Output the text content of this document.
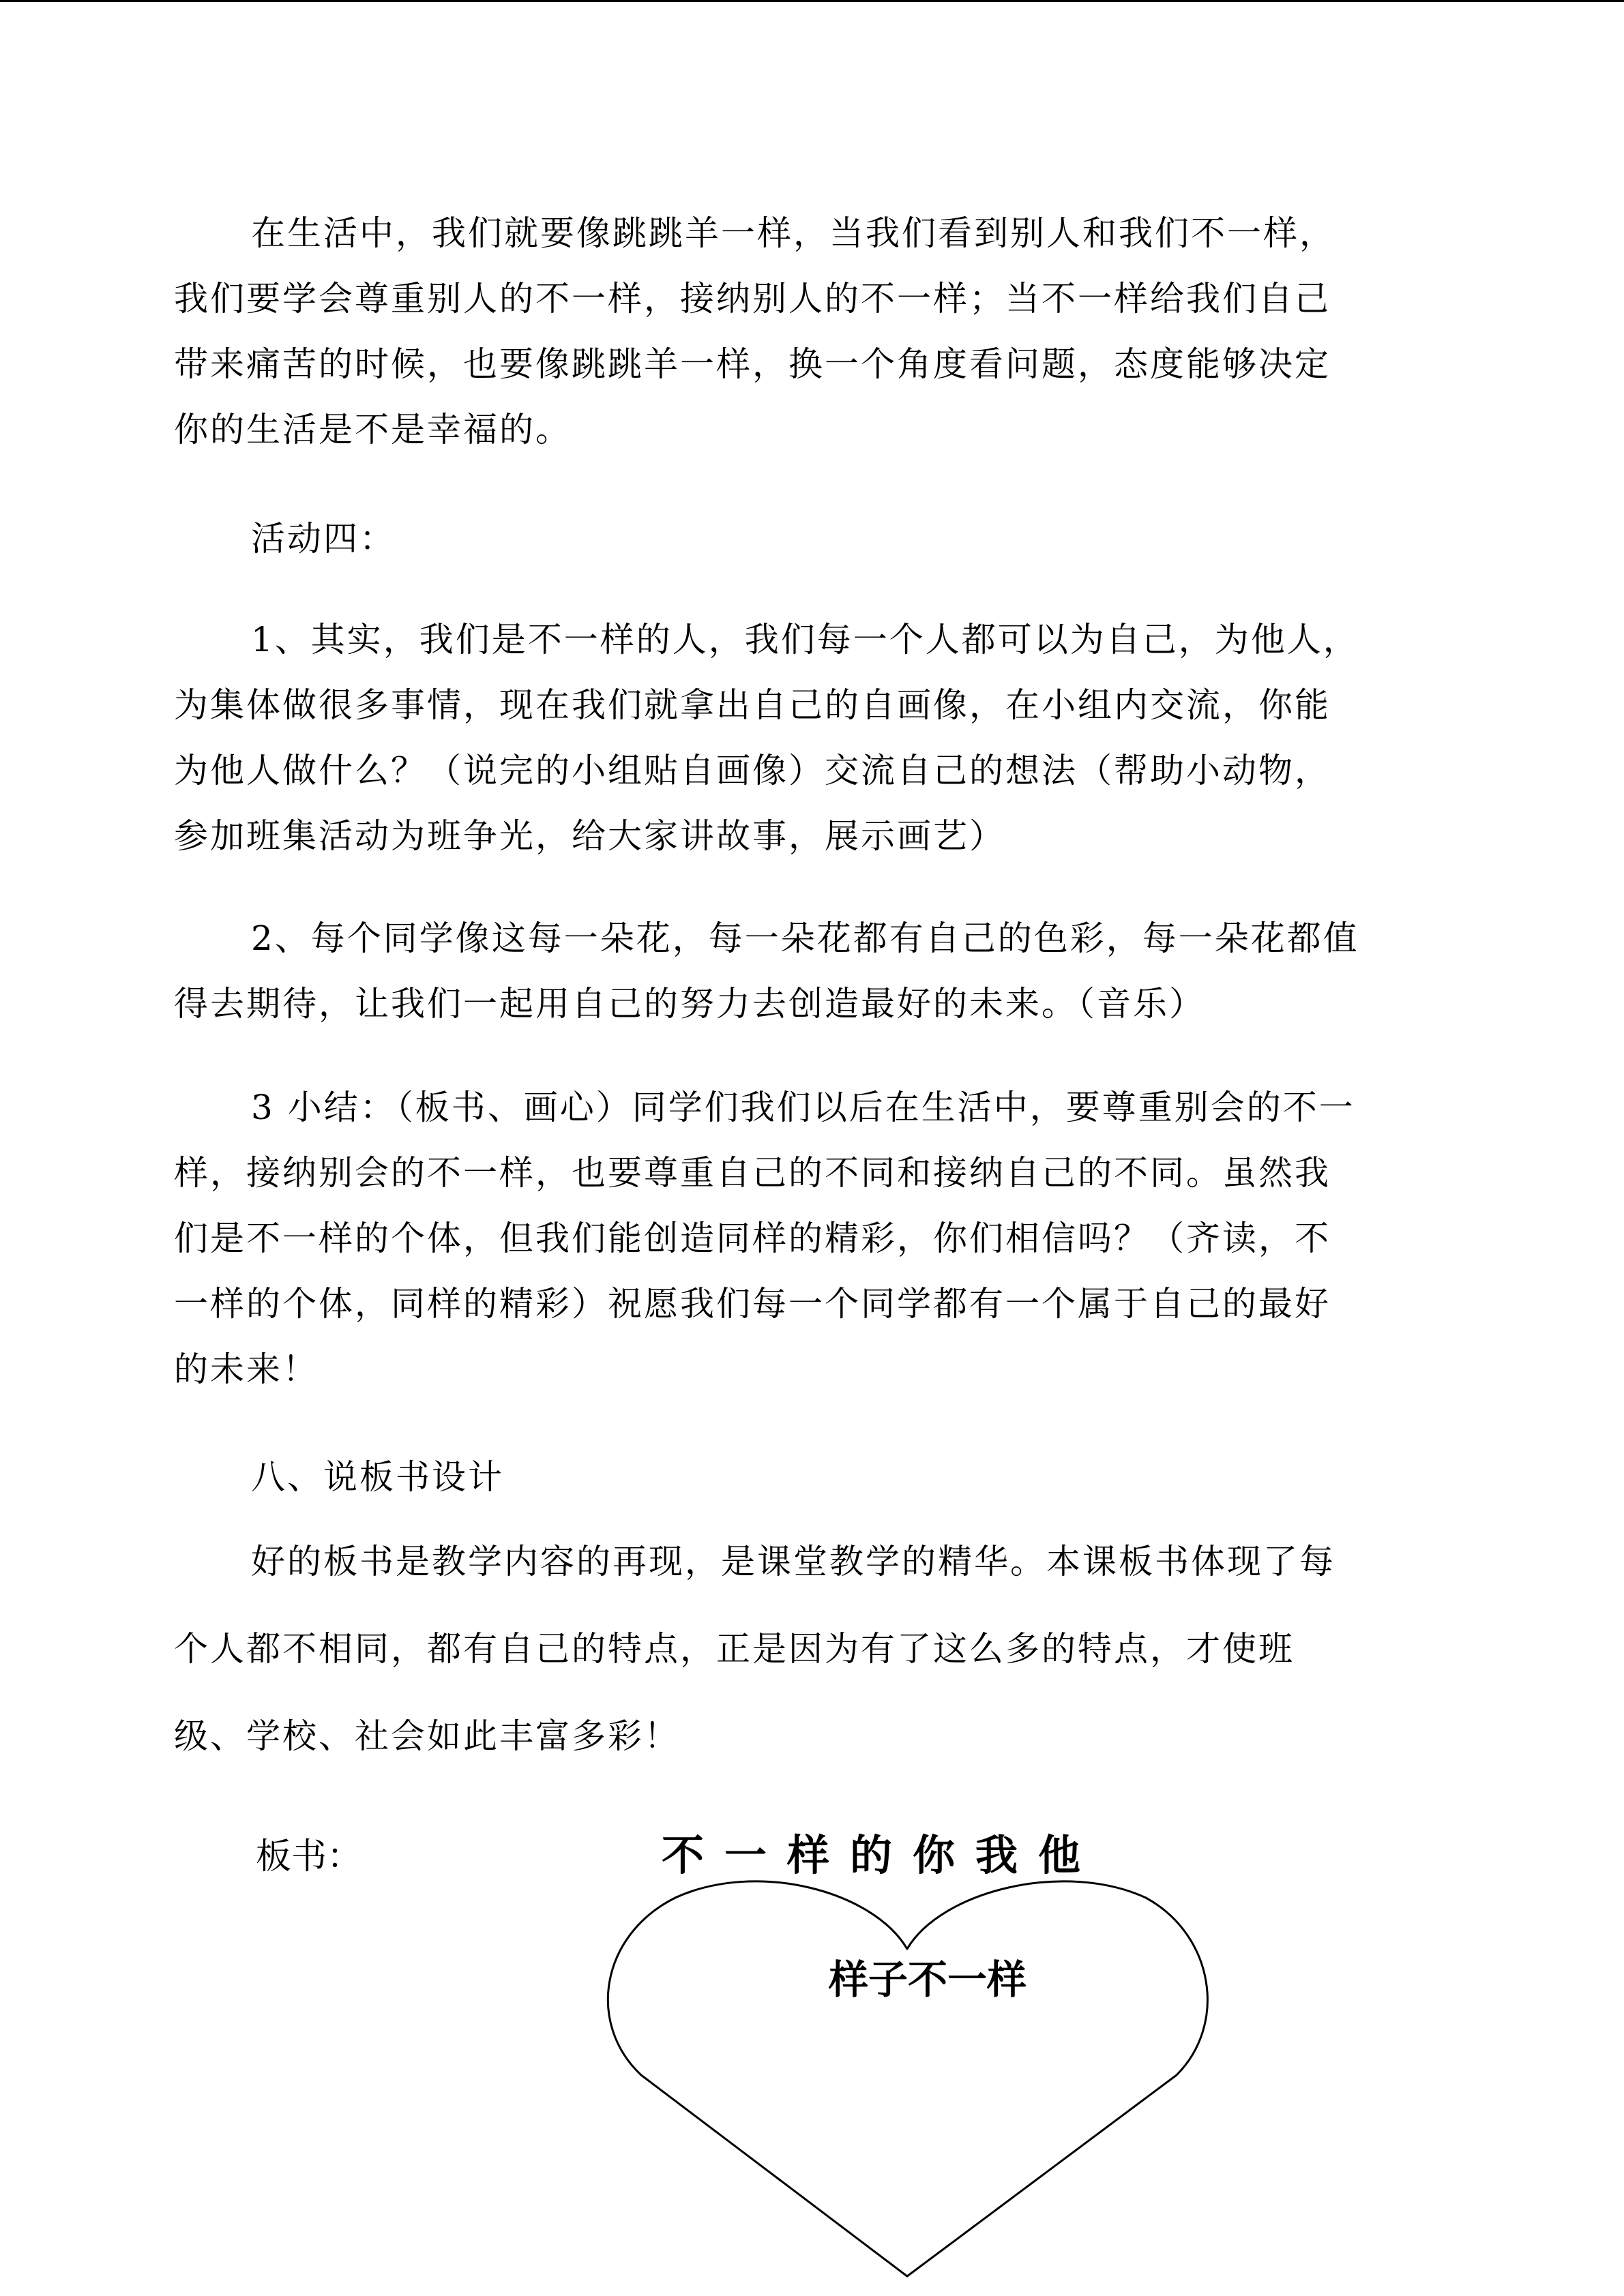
在生活中，我们就要像跳跳羊一样，当我们看到别人和我们不一样，

我们要学会尊重别人的不一样，接纳别人的不一样；当不一样给我们自己

带来痛苦的时候，也要像跳跳羊一样，换一个角度看问题，态度能够决定

你的生活是不是幸福的。

活动四：

1、其实，我们是不一样的人，我们每一个人都可以为自己，为他人，

为集体做很多事情，现在我们就拿出自己的自画像，在小组内交流，你能

为他人做什么？（说完的小组贴自画像）交流自己的想法（帮助小动物，

参加班集活动为班争光，给大家讲故事，展示画艺）

2、每个同学像这每一朵花，每一朵花都有自己的色彩，每一朵花都值

得去期待，让我们一起用自己的努力去创造最好的未来。（音乐）

3 小结：（板书、画心）同学们我们以后在生活中，要尊重别会的不一

样，接纳别会的不一样，也要尊重自己的不同和接纳自己的不同。虽然我

们是不一样的个体，但我们能创造同样的精彩，你们相信吗？（齐读，不

一样的个体，同样的精彩）祝愿我们每一个同学都有一个属于自己的最好

的未来！

八、说板书设计

好的板书是教学内容的再现，是课堂教学的精华。本课板书体现了每

个人都不相同，都有自己的特点，正是因为有了这么多的特点，才使班

级、学校、社会如此丰富多彩！

板书：	不一样的你我他
样子不一样
